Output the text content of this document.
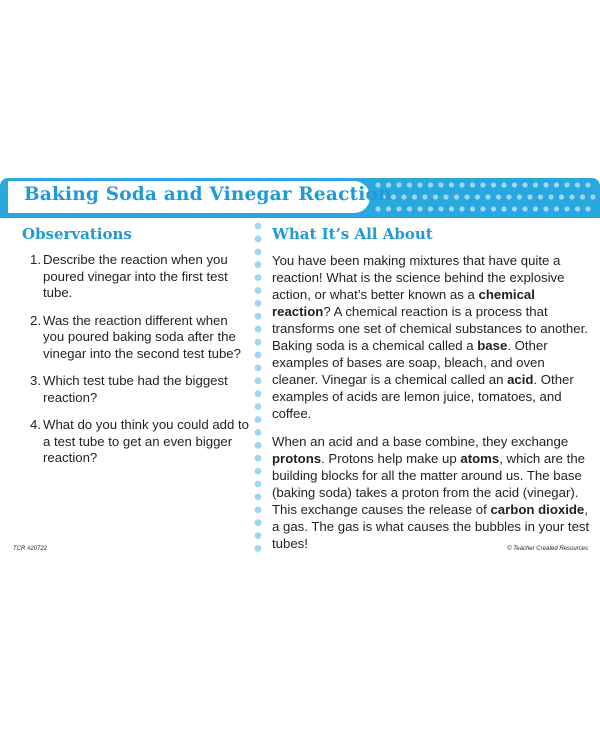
Baking Soda and Vinegar Reaction
Observations
1. Describe the reaction when you poured vinegar into the first test tube.
2. Was the reaction different when you poured baking soda after the vinegar into the second test tube?
3. Which test tube had the biggest reaction?
4. What do you think you could add to a test tube to get an even bigger reaction?
What It’s All About

You have been making mixtures that have quite a reaction! What is the science behind the explosive action, or what’s better known as a chemical reaction? A chemical reaction is a process that transforms one set of chemical substances to another. Baking soda is a chemical called a base. Other examples of bases are soap, bleach, and oven cleaner. Vinegar is a chemical called an acid. Other examples of acids are lemon juice, tomatoes, and coffee.

When an acid and a base combine, they exchange protons. Protons help make up atoms, which are the building blocks for all the matter around us. The base (baking soda) takes a proton from the acid (vinegar). This exchange causes the release of carbon dioxide, a gas. The gas is what causes the bubbles in your test tubes!

TCR #20722	© Teacher Created Resources
